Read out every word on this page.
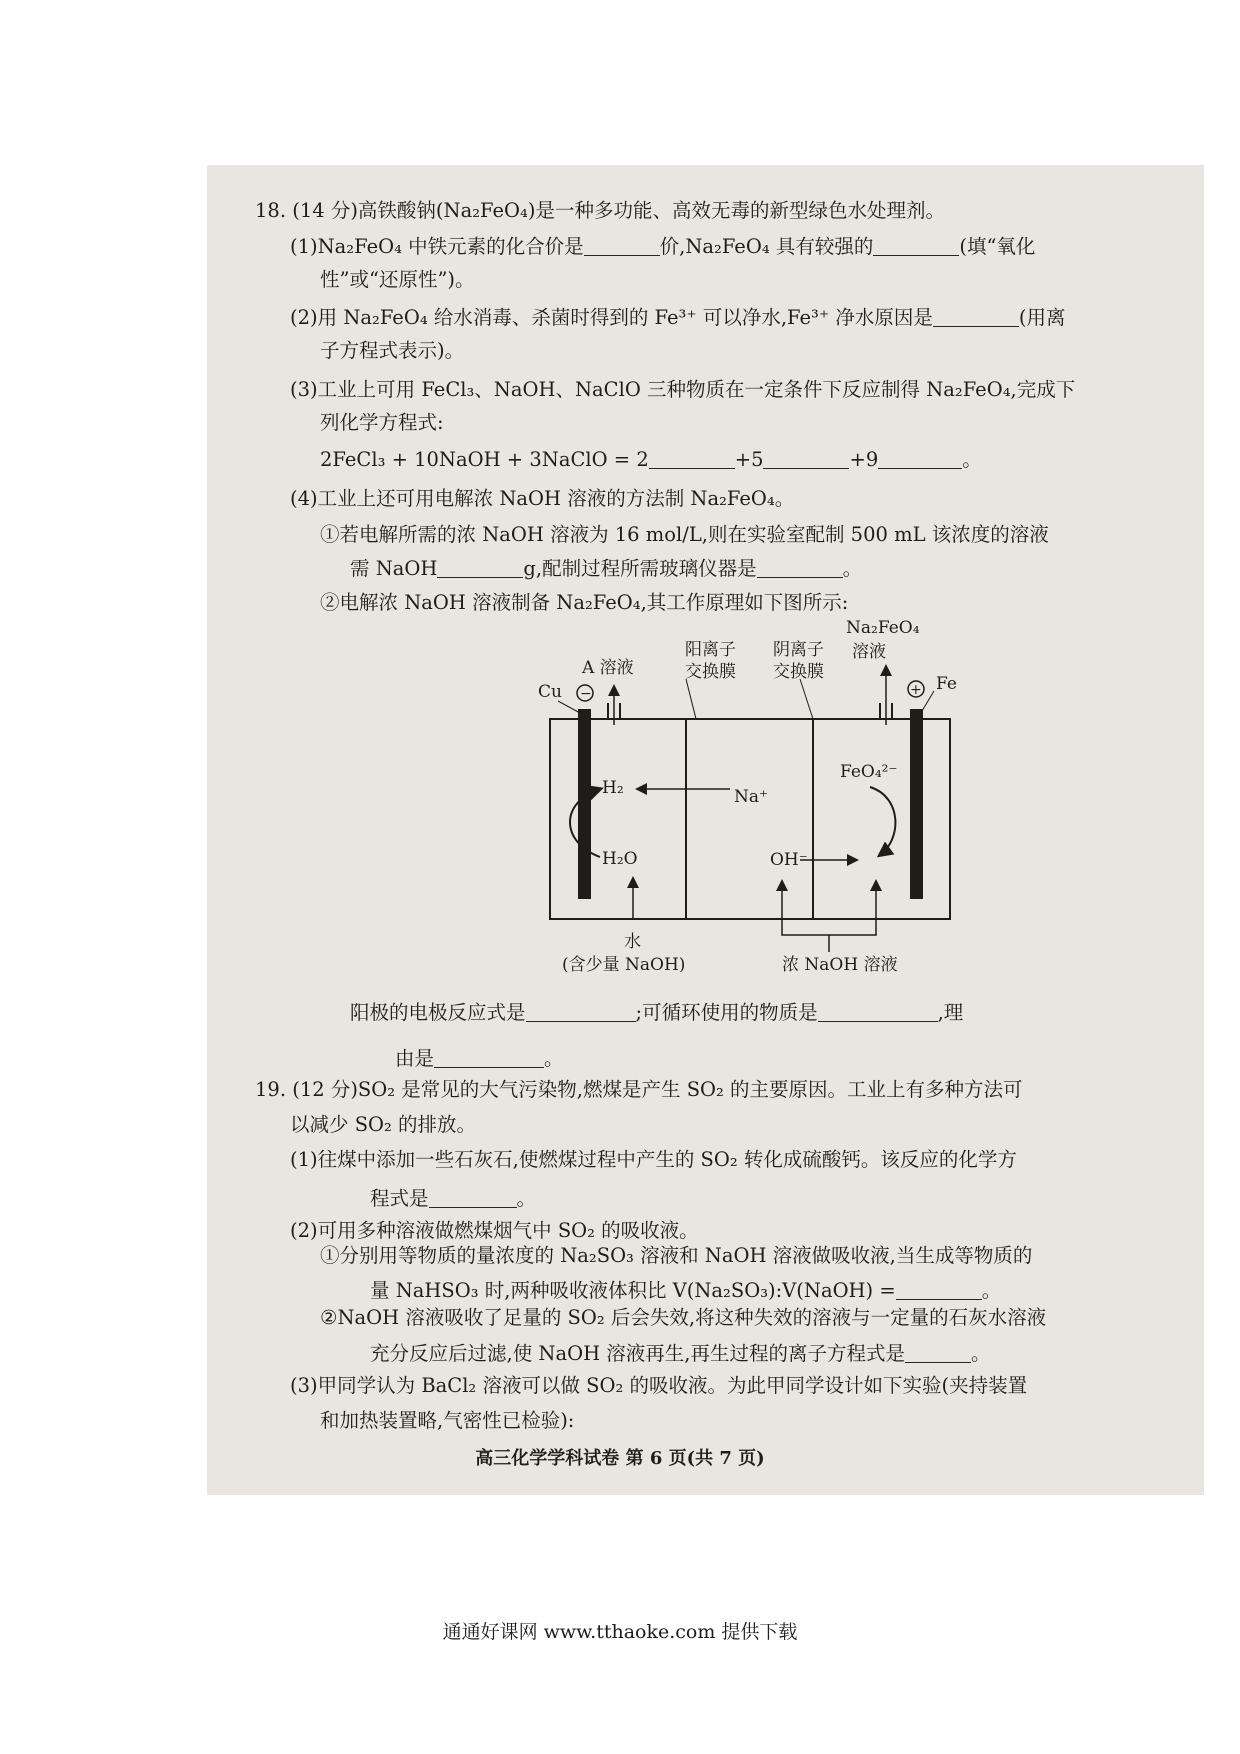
18. (14 分)高铁酸钠(Na₂FeO₄)是一种多功能、高效无毒的新型绿色水处理剂。
(1)Na₂FeO₄ 中铁元素的化合价是	价,Na₂FeO₄ 具有较强的	(填“氧化
性”或“还原性”)。
(2)用 Na₂FeO₄ 给水消毒、杀菌时得到的 Fe³⁺ 可以净水,Fe³⁺ 净水原因是	(用离
子方程式表示)。
(3)工业上可用 FeCl₃、NaOH、NaClO 三种物质在一定条件下反应制得 Na₂FeO₄,完成下
列化学方程式:
2FeCl₃ + 10NaOH + 3NaClO = 2	+5	+9	。
(4)工业上还可用电解浓 NaOH 溶液的方法制 Na₂FeO₄。
①若电解所需的浓 NaOH 溶液为 16 mol/L,则在实验室配制 500 mL 该浓度的溶液
需 NaOH	g,配制过程所需玻璃仪器是	。
②电解浓 NaOH 溶液制备 Na₂FeO₄,其工作原理如下图所示:
A 溶液
阳离子
交换膜
阴离子
交换膜
Na₂FeO₄
溶液
Cu −	+ Fe
H₂
H₂O
Na⁺
FeO₄²⁻
OH⁻
水
(含少量 NaOH)	浓 NaOH 溶液
阳极的电极反应式是	;可循环使用的物质是	,理
由是	。
19. (12 分)SO₂ 是常见的大气污染物,燃煤是产生 SO₂ 的主要原因。工业上有多种方法可
以减少 SO₂ 的排放。
(1)往煤中添加一些石灰石,使燃煤过程中产生的 SO₂ 转化成硫酸钙。该反应的化学方
程式是	。
(2)可用多种溶液做燃煤烟气中 SO₂ 的吸收液。
①分别用等物质的量浓度的 Na₂SO₃ 溶液和 NaOH 溶液做吸收液,当生成等物质的
量 NaHSO₃ 时,两种吸收液体积比 V(Na₂SO₃):V(NaOH) =	。
②NaOH 溶液吸收了足量的 SO₂ 后会失效,将这种失效的溶液与一定量的石灰水溶液
充分反应后过滤,使 NaOH 溶液再生,再生过程的离子方程式是	。
(3)甲同学认为 BaCl₂ 溶液可以做 SO₂ 的吸收液。为此甲同学设计如下实验(夹持装置
和加热装置略,气密性已检验):
高三化学学科试卷 第 6 页(共 7 页)
通通好课网 www.tthaoke.com 提供下载
